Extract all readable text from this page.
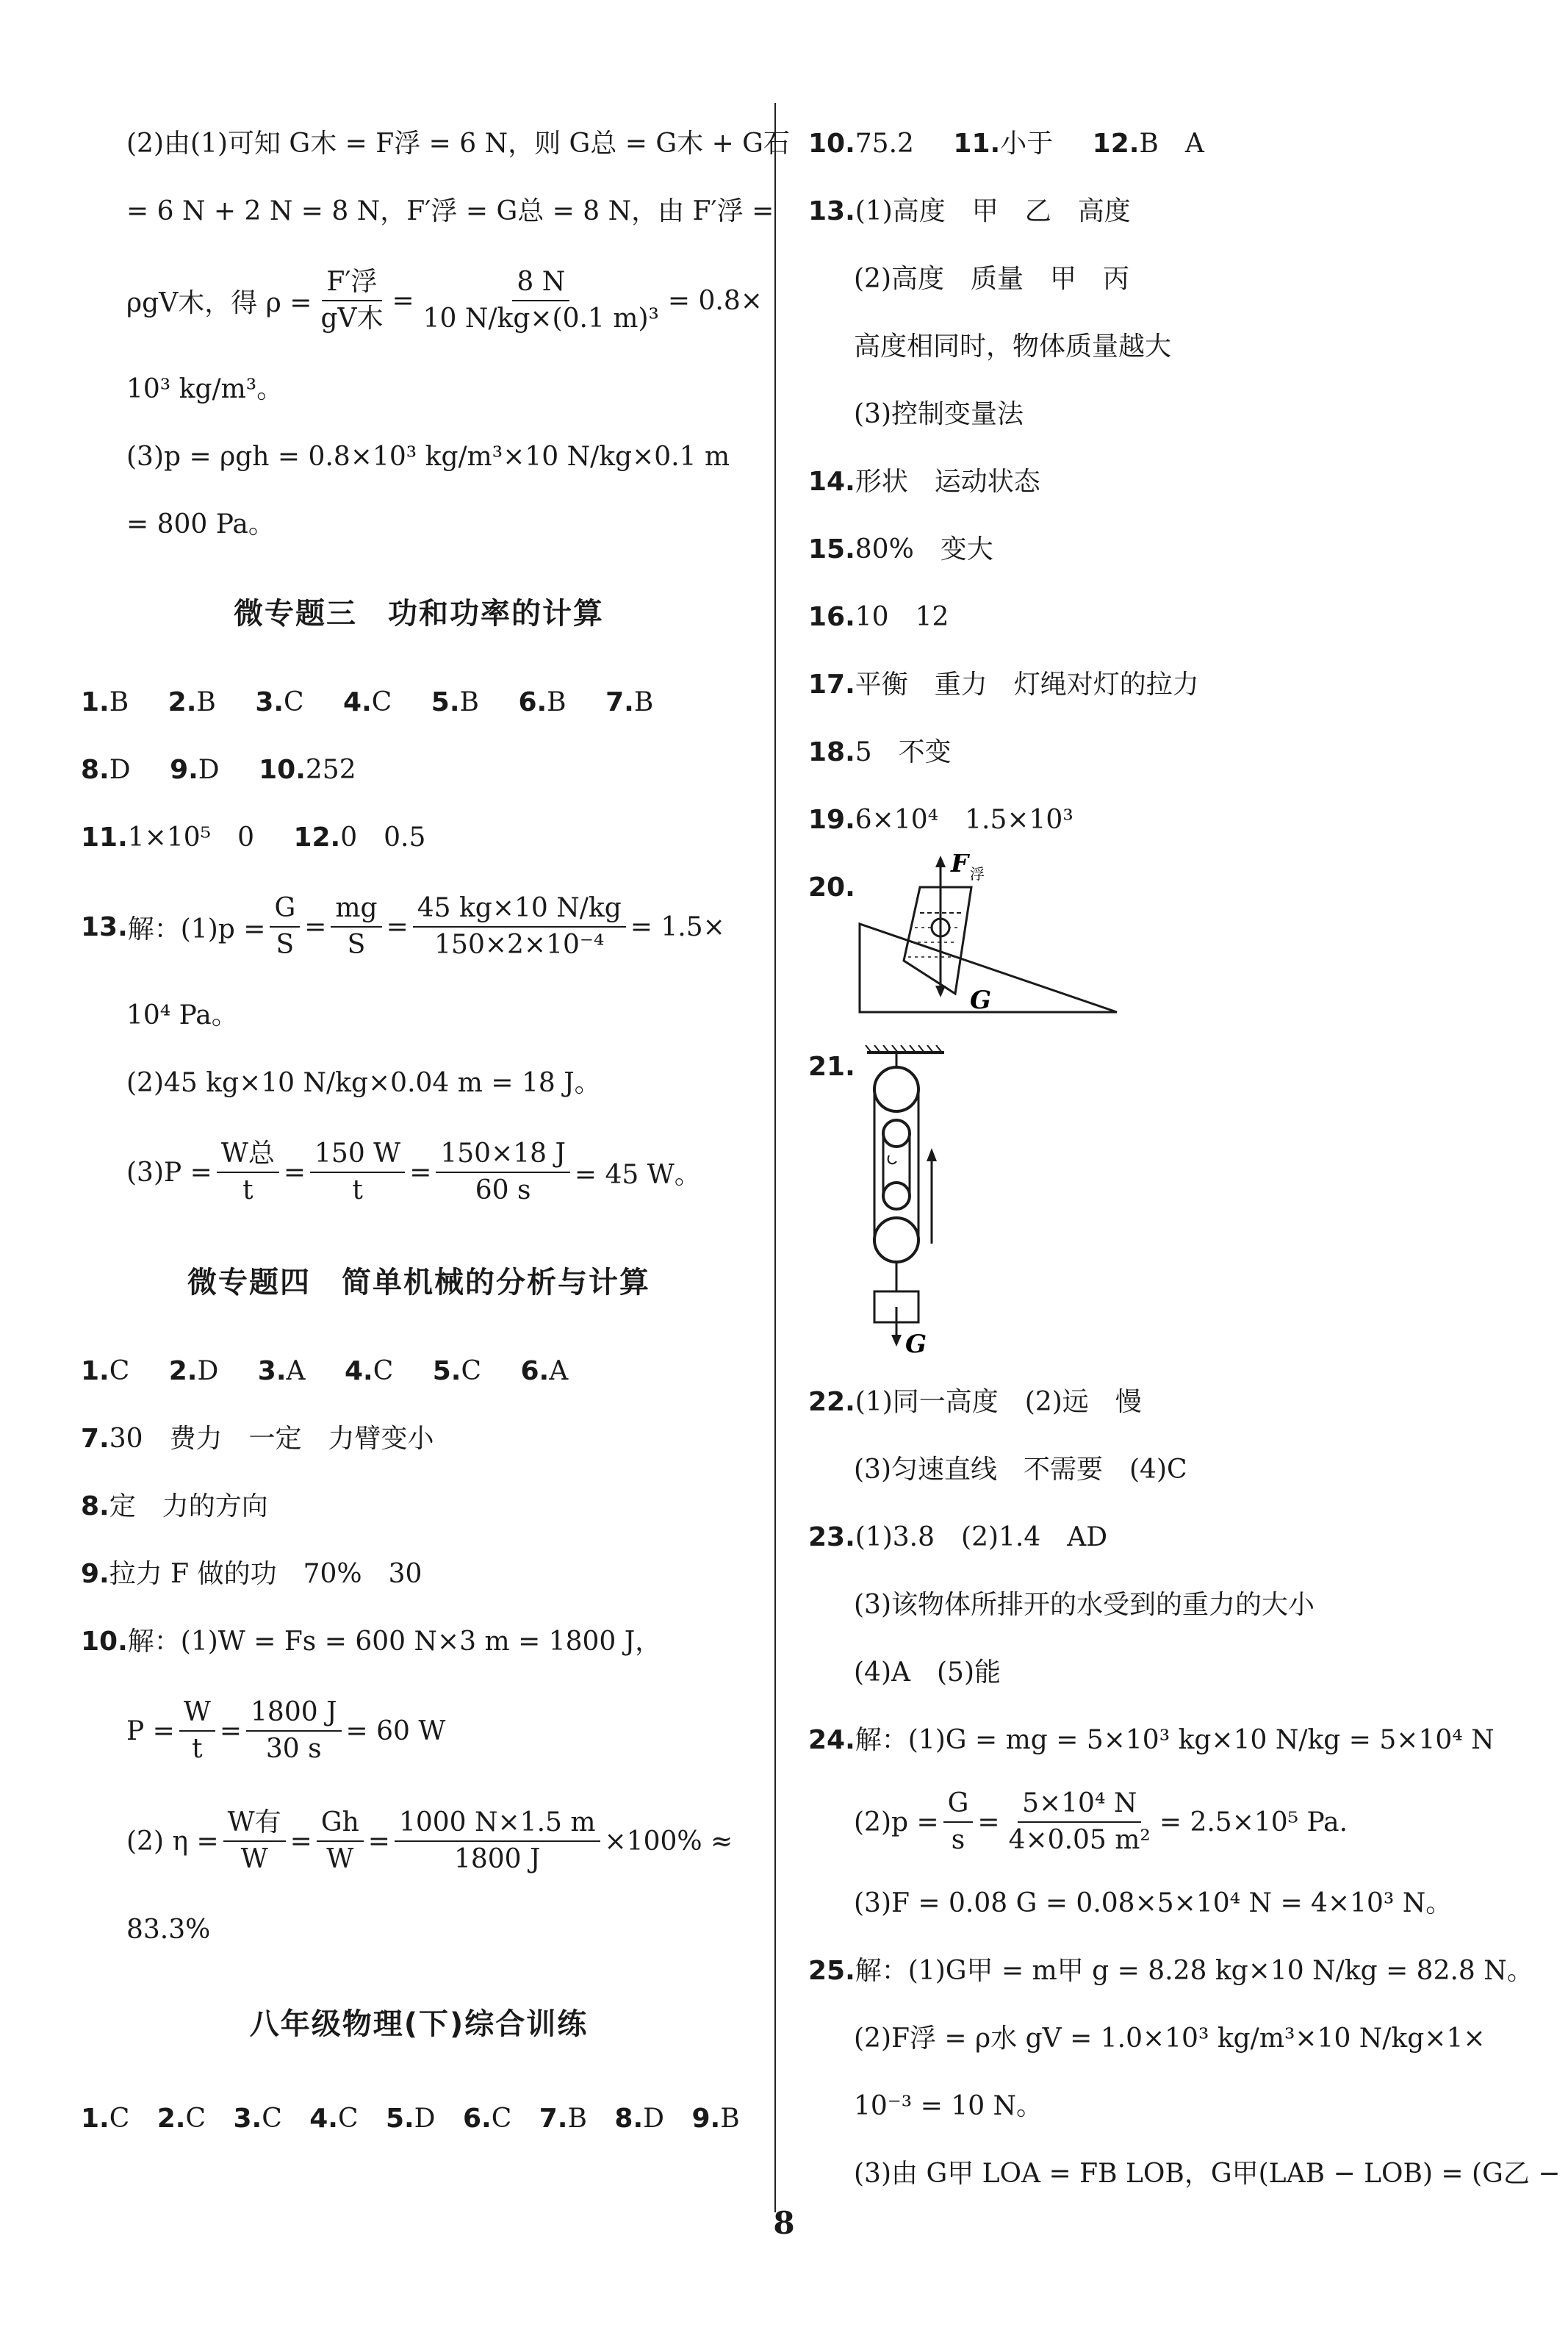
(2)由(1)可知 G木 = F浮 = 6 N，则 G总 = G木 + G石
= 6 N + 2 N = 8 N，F′浮 = G总 = 8 N，由 F′浮 =
ρgV木，得 $\rho = \frac{\text{F′浮}}{\text{gV木}} = \frac{8 N}{\text{10 N/kg×(0.1 m)³}} = 0.8\times$
10³ kg/m³。
(3)p = ρgh = 0.8×10³ kg/m³×10 N/kg×0.1 m
= 800 Pa。
微专题三　功和功率的计算
1.B 2.B 3.C 4.C 5.B 6.B 7.B
8.D 9.D 10.252
11.1×10⁵　0 12.0　0.5
13. 解：$(1)p = \frac{G}{S} = \frac{mg}{S} = \frac{45 kg\times 10 N/kg}{\text{150×2×10⁻⁴}} = 1.5\times$
10⁴ Pa。
(2)45 kg×10 N/kg×0.04 m = 18 J。
$(3)P = \frac{\text{W总}}{t} = \frac{150 W}{t} = \frac{150\times 18 J}{60 s} = 45$ W。
微专题四　简单机械的分析与计算
1.C 2.D 3.A 4.C 5.C 6.A
7.30　费力　一定　力臂变小
8.定　力的方向
9.拉力 F 做的功　70%　30
10.解：(1)W = Fs = 600 N×3 m = 1800 J，
$P = \frac{W}{t} = \frac{1800 J}{30 s} = 60$ W
(2) $\eta = \frac{\text{W有}}{W} = \frac{Gh}{W} = \frac{1000 N\times 1.5 m}{1800 J} \times 100\%$ ≈
83.3%
八年级物理(下)综合训练
1.C 2.C 3.C 4.C 5.D 6.C 7.B 8.D 9.B
10.75.2 11.小于 12.B　A
13.(1)高度　甲　乙　高度
(2)高度　质量　甲　丙
高度相同时，物体质量越大
(3)控制变量法
14.形状　运动状态
15.80%　变大
16.10　12
17.平衡　重力　灯绳对灯的拉力
18.5　不变
19.6×10⁴　1.5×10³
20.
F 浮
G
21.
G
22.(1)同一高度　(2)远　慢
(3)匀速直线　不需要　(4)C
23.(1)3.8　(2)1.4　AD
(3)该物体所排开的水受到的重力的大小
(4)A　(5)能
24.解：(1)G = mg = 5×10³ kg×10 N/kg = 5×10⁴ N
$(2)p = \frac{G}{s} = \frac{\text{5×10⁴ N}}{\text{4×0.05 m²}} = 2.5\times 10^5$ Pa.
(3)F = 0.08 G = 0.08×5×10⁴ N = 4×10³ N。
25.解：(1)G甲 = m甲 g = 8.28 kg×10 N/kg = 82.8 N。
(2)F浮 = ρ水 gV = 1.0×10³ kg/m³×10 N/kg×1×
10⁻³ = 10 N。
(3)由 G甲 LOA = FB LOB，G甲(LAB − LOB) = (G乙 −
8
